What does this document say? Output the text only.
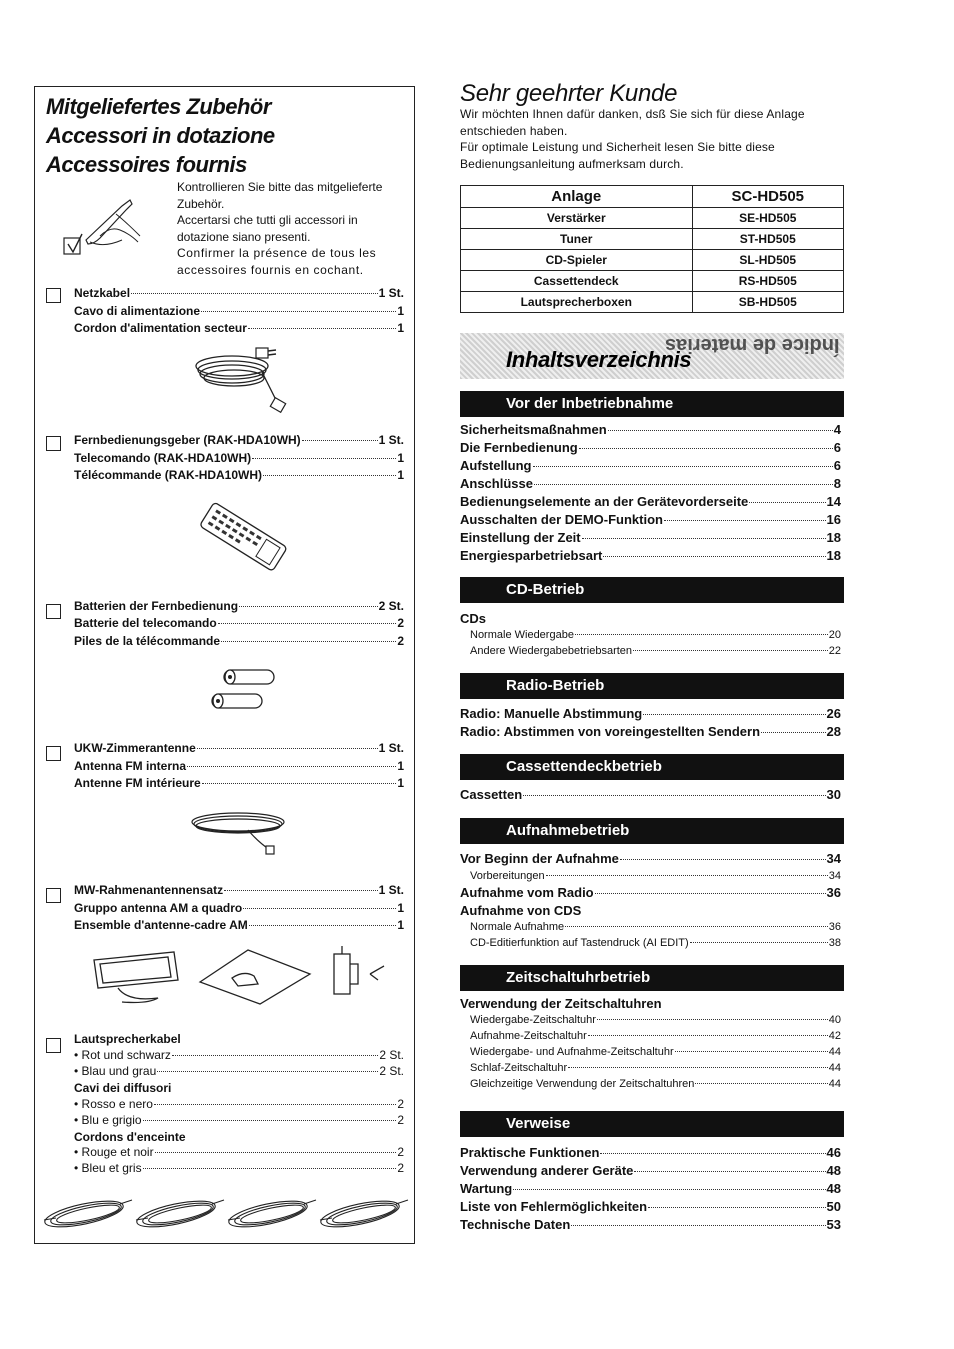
Mitgeliefertes Zubehör
Accessori in dotazione
Accessoires fournis

Kontrollieren Sie bitte das mitgelieferte Zubehör.

Accertarsi che tutti gli accessori in dotazione siano presenti.

Confirmer la présence de tous les accessoires fournis en cochant.

Netzkabel	1 St.
Cavo di alimentazione	1
Cordon d'alimentation secteur	1
Fernbedienungsgeber (RAK-HDA10WH)	1 St.
Telecomando (RAK-HDA10WH)	1
Télécommande (RAK-HDA10WH)	1
Batterien der Fernbedienung	2 St.
Batterie del telecomando	2
Piles de la télécommande	2
UKW-Zimmerantenne	1 St.
Antenna FM interna	1
Antenne FM intérieure	1
MW-Rahmenantennensatz	1 St.
Gruppo antenna AM a quadro	1
Ensemble d'antenne-cadre AM	1
Lautsprecherkabel
• Rot und schwarz	2 St.
• Blau und grau	2 St.
Cavi dei diffusori
• Rosso e nero	2
• Blu e grigio	2
Cordons d'enceinte
• Rouge et noir	2
• Bleu et gris	2
Sehr geehrter Kunde

Wir möchten Ihnen dafür danken, dsß Sie sich für diese Anlage entschieden haben.

Für optimale Leistung und Sicherheit lesen Sie bitte diese Bedienungsanleitung aufmerksam durch.

Anlage	SC-HD505
Verstärker	SE-HD505
Tuner	ST-HD505
CD-Spieler	SL-HD505
Cassettendeck	RS-HD505
Lautsprecherboxen	SB-HD505
Inhaltsverzeichnis
Índice de materias
Vor der Inbetriebnahme
Sicherheitsmaßnahmen	4
Die Fernbedienung	6
Aufstellung	6
Anschlüsse	8
Bedienungselemente an der Gerätevorderseite	14
Ausschalten der DEMO-Funktion	16
Einstellung der Zeit	18
Energiesparbetriebsart	18
CD-Betrieb
CDs
Normale Wiedergabe	20
Andere Wiedergabebetriebsarten	22
Radio-Betrieb
Radio: Manuelle Abstimmung	26
Radio: Abstimmen von voreingestellten Sendern	28
Cassettendeckbetrieb
Cassetten	30
Aufnahmebetrieb
Vor Beginn der Aufnahme	34
Vorbereitungen	34
Aufnahme vom Radio	36
Aufnahme von CDS
Normale Aufnahme	36
CD-Editierfunktion auf Tastendruck (AI EDIT)	38
Zeitschaltuhrbetrieb
Verwendung der Zeitschaltuhren
Wiedergabe-Zeitschaltuhr	40
Aufnahme-Zeitschaltuhr	42
Wiedergabe- und Aufnahme-Zeitschaltuhr	44
Schlaf-Zeitschaltuhr	44
Gleichzeitige Verwendung der Zeitschaltuhren	44
Verweise
Praktische Funktionen	46
Verwendung anderer Geräte	48
Wartung	48
Liste von Fehlermöglichkeiten	50
Technische Daten	53
